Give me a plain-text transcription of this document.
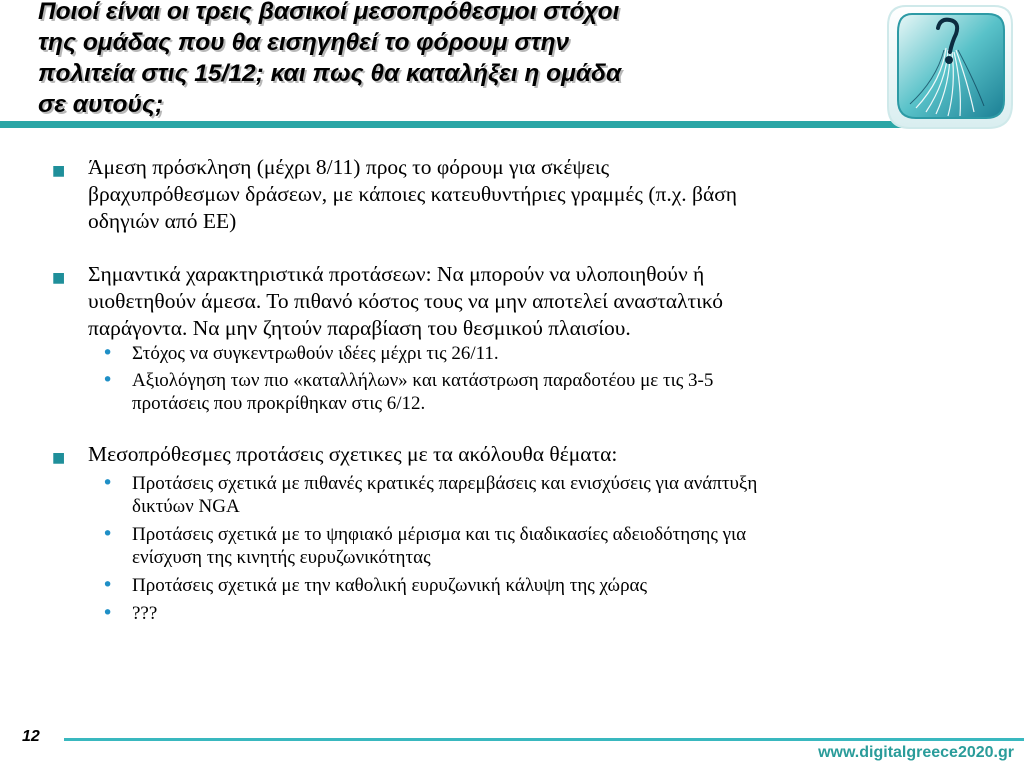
Ποιοί είναι οι τρεις βασικοί μεσοπρόθεσμοι στόχοι
της ομάδας που θα εισηγηθεί το φόρουμ στην
πολιτεία στις 15/12; και πως θα καταλήξει η ομάδα
σε αυτούς;
■ Άμεση πρόσκληση (μέχρι 8/11) προς το φόρουμ για σκέψεις
βραχυπρόθεσμων δράσεων, με κάποιες κατευθυντήριες γραμμές (π.χ. βάση
οδηγιών από ΕΕ)
■ Σημαντικά χαρακτηριστικά προτάσεων: Να μπορούν να υλοποιηθούν ή
υιοθετηθούν άμεσα. Το πιθανό κόστος τους να μην αποτελεί ανασταλτικό
παράγοντα. Να μην ζητούν παραβίαση του θεσμικού πλαισίου.
• Στόχος να συγκεντρωθούν ιδέες μέχρι τις 26/11.
• Αξιολόγηση των πιο «καταλλήλων» και κατάστρωση παραδοτέου με τις 3-5
προτάσεις που προκρίθηκαν στις 6/12.
■ Μεσοπρόθεσμες προτάσεις σχετικες με τα ακόλουθα θέματα:
• Προτάσεις σχετικά με πιθανές κρατικές παρεμβάσεις και ενισχύσεις για ανάπτυξη
δικτύων NGA
• Προτάσεις σχετικά με το ψηφιακό μέρισμα και τις διαδικασίες αδειοδότησης για
ενίσχυση της κινητής ευρυζωνικότητας
• Προτάσεις σχετικά με την καθολική ευρυζωνική κάλυψη της χώρας
• ???
12
www.digitalgreece2020.gr
